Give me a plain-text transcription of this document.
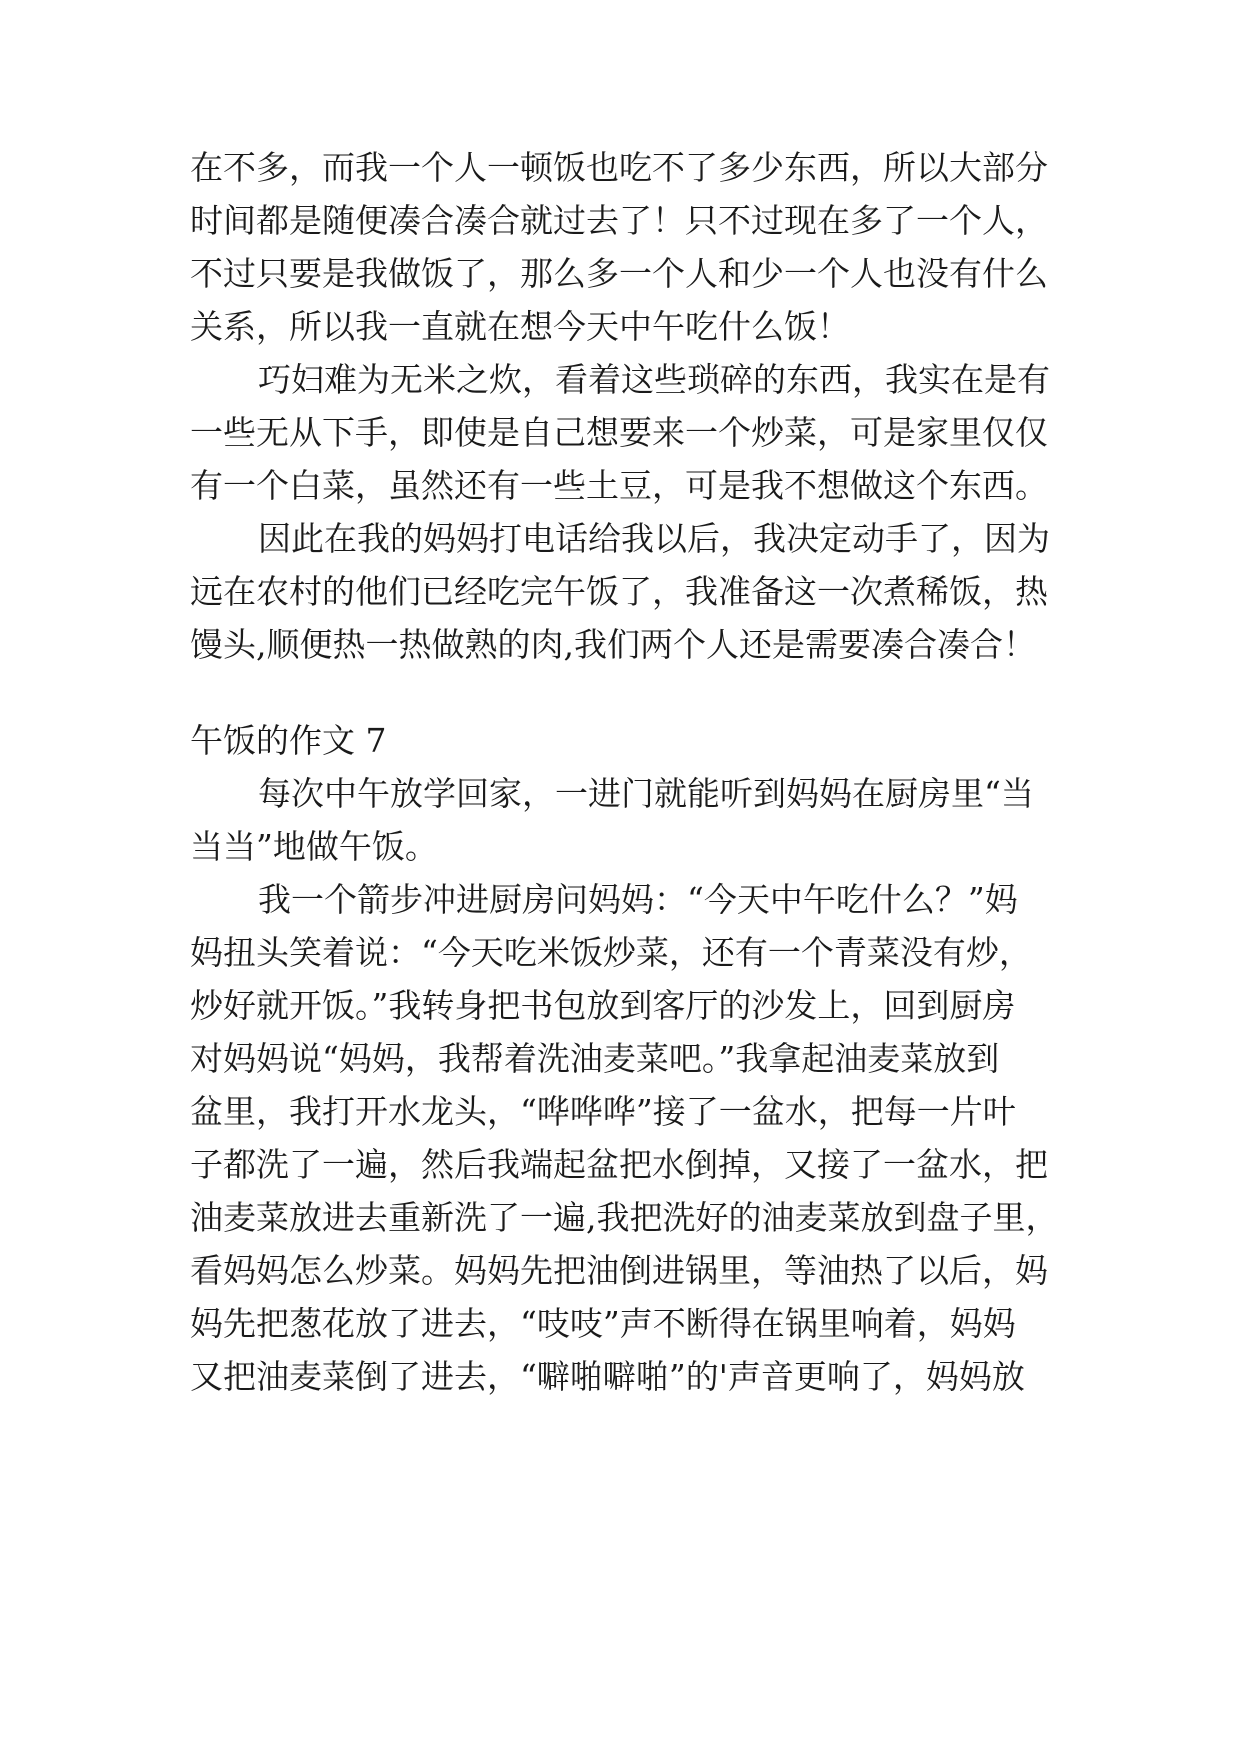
在不多，而我一个人一顿饭也吃不了多少东西，所以大部分
时间都是随便凑合凑合就过去了！只不过现在多了一个人，
不过只要是我做饭了，那么多一个人和少一个人也没有什么
关系，所以我一直就在想今天中午吃什么饭！
巧妇难为无米之炊，看着这些琐碎的东西，我实在是有
一些无从下手，即使是自己想要来一个炒菜，可是家里仅仅
有一个白菜，虽然还有一些土豆，可是我不想做这个东西。
因此在我的妈妈打电话给我以后，我决定动手了，因为
远在农村的他们已经吃完午饭了，我准备这一次煮稀饭，热
馒头,顺便热一热做熟的肉,我们两个人还是需要凑合凑合！
午饭的作文 7
每次中午放学回家，一进门就能听到妈妈在厨房里“当
当当”地做午饭。
我一个箭步冲进厨房问妈妈：“今天中午吃什么？”妈
妈扭头笑着说：“今天吃米饭炒菜，还有一个青菜没有炒，
炒好就开饭。”我转身把书包放到客厅的沙发上，回到厨房
对妈妈说“妈妈，我帮着洗油麦菜吧。”我拿起油麦菜放到
盆里，我打开水龙头，“哗哗哗”接了一盆水，把每一片叶
子都洗了一遍，然后我端起盆把水倒掉，又接了一盆水，把
油麦菜放进去重新洗了一遍,我把洗好的油麦菜放到盘子里，
看妈妈怎么炒菜。妈妈先把油倒进锅里，等油热了以后，妈
妈先把葱花放了进去，“吱吱”声不断得在锅里响着，妈妈
又把油麦菜倒了进去，“噼啪噼啪”的'声音更响了，妈妈放
